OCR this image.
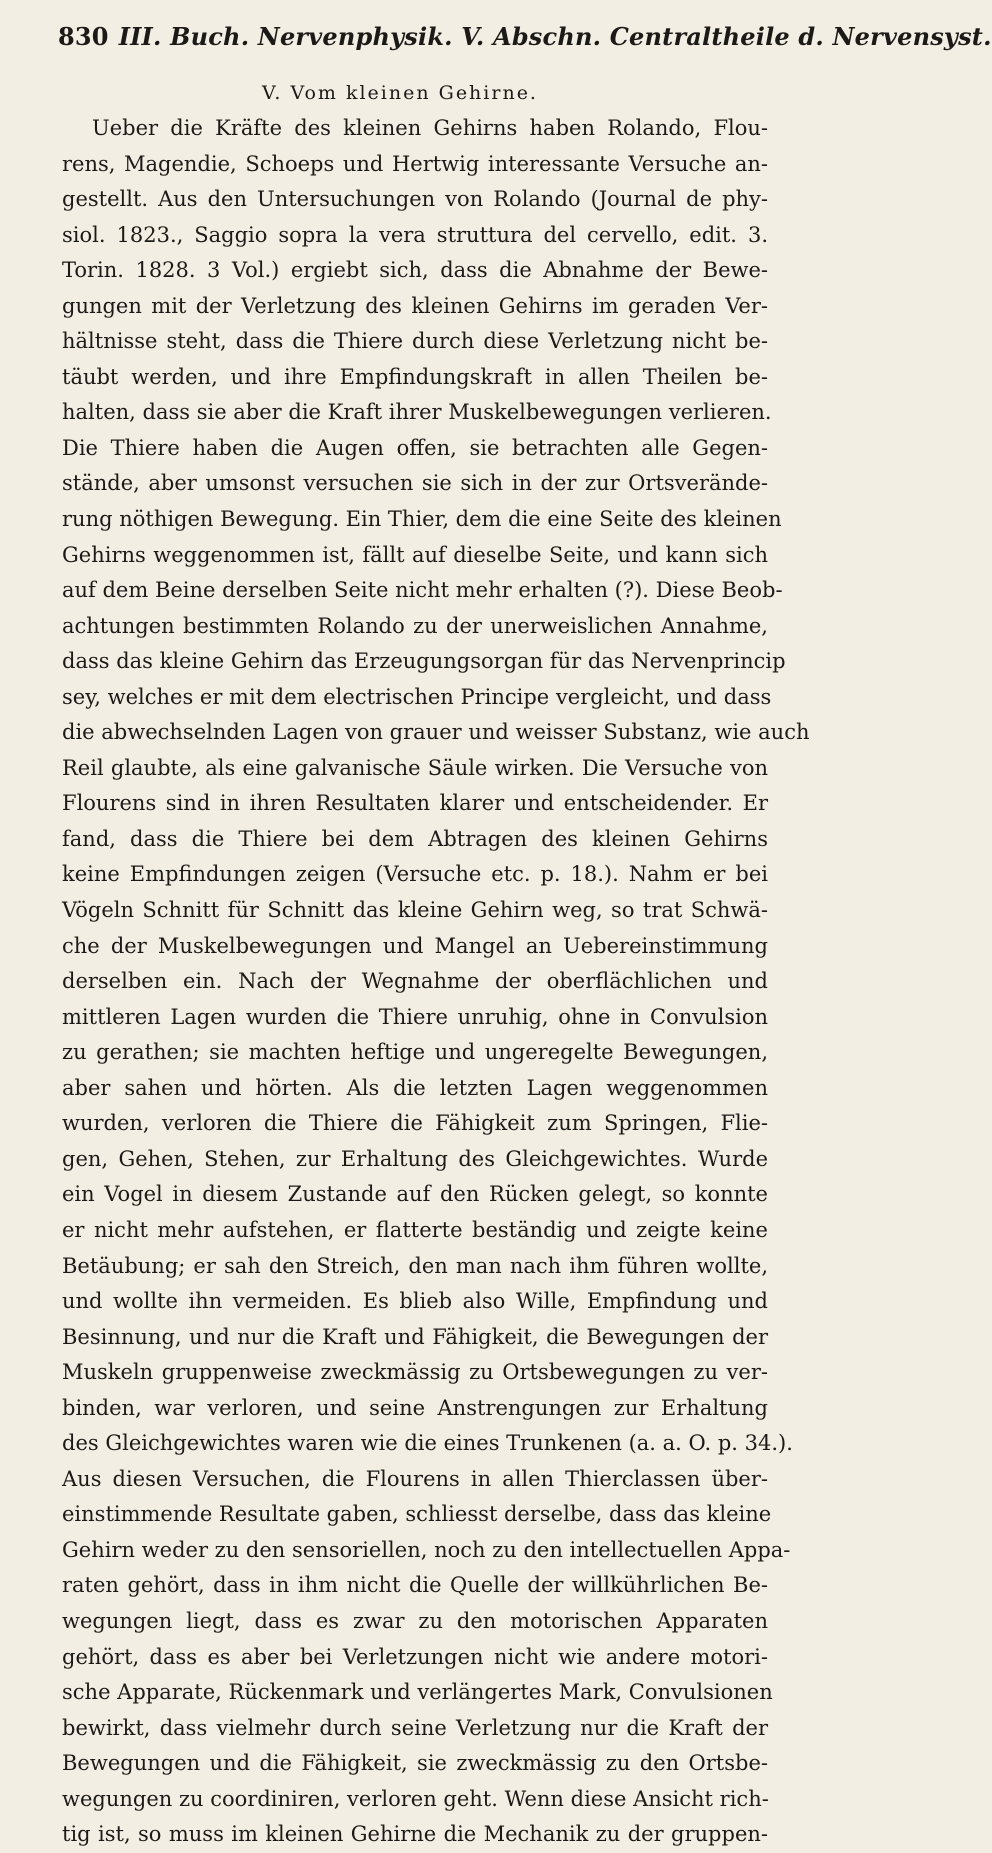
830 III. Buch. Nervenphysik. V. Abschn. Centraltheile d. Nervensyst.
V. Vom kleinen Gehirne.
Ueber die Kräfte des kleinen Gehirns haben Rolando, Flou-
rens, Magendie, Schoeps und Hertwig interessante Versuche an-
gestellt. Aus den Untersuchungen von Rolando (Journal de phy-
siol. 1823., Saggio sopra la vera struttura del cervello, edit. 3.
Torin. 1828. 3 Vol.) ergiebt sich, dass die Abnahme der Bewe-
gungen mit der Verletzung des kleinen Gehirns im geraden Ver-
hältnisse steht, dass die Thiere durch diese Verletzung nicht be-
täubt werden, und ihre Empfindungskraft in allen Theilen be-
halten, dass sie aber die Kraft ihrer Muskelbewegungen verlieren.
Die Thiere haben die Augen offen, sie betrachten alle Gegen-
stände, aber umsonst versuchen sie sich in der zur Ortsverände-
rung nöthigen Bewegung. Ein Thier, dem die eine Seite des kleinen
Gehirns weggenommen ist, fällt auf dieselbe Seite, und kann sich
auf dem Beine derselben Seite nicht mehr erhalten (?). Diese Beob-
achtungen bestimmten Rolando zu der unerweislichen Annahme,
dass das kleine Gehirn das Erzeugungsorgan für das Nervenprincip
sey, welches er mit dem electrischen Principe vergleicht, und dass
die abwechselnden Lagen von grauer und weisser Substanz, wie auch
Reil glaubte, als eine galvanische Säule wirken. Die Versuche von
Flourens sind in ihren Resultaten klarer und entscheidender. Er
fand, dass die Thiere bei dem Abtragen des kleinen Gehirns
keine Empfindungen zeigen (Versuche etc. p. 18.). Nahm er bei
Vögeln Schnitt für Schnitt das kleine Gehirn weg, so trat Schwä-
che der Muskelbewegungen und Mangel an Uebereinstimmung
derselben ein. Nach der Wegnahme der oberflächlichen und
mittleren Lagen wurden die Thiere unruhig, ohne in Convulsion
zu gerathen; sie machten heftige und ungeregelte Bewegungen,
aber sahen und hörten. Als die letzten Lagen weggenommen
wurden, verloren die Thiere die Fähigkeit zum Springen, Flie-
gen, Gehen, Stehen, zur Erhaltung des Gleichgewichtes. Wurde
ein Vogel in diesem Zustande auf den Rücken gelegt, so konnte
er nicht mehr aufstehen, er flatterte beständig und zeigte keine
Betäubung; er sah den Streich, den man nach ihm führen wollte,
und wollte ihn vermeiden. Es blieb also Wille, Empfindung und
Besinnung, und nur die Kraft und Fähigkeit, die Bewegungen der
Muskeln gruppenweise zweckmässig zu Ortsbewegungen zu ver-
binden, war verloren, und seine Anstrengungen zur Erhaltung
des Gleichgewichtes waren wie die eines Trunkenen (a. a. O. p. 34.).
Aus diesen Versuchen, die Flourens in allen Thierclassen über-
einstimmende Resultate gaben, schliesst derselbe, dass das kleine
Gehirn weder zu den sensoriellen, noch zu den intellectuellen Appa-
raten gehört, dass in ihm nicht die Quelle der willkührlichen Be-
wegungen liegt, dass es zwar zu den motorischen Apparaten
gehört, dass es aber bei Verletzungen nicht wie andere motori-
sche Apparate, Rückenmark und verlängertes Mark, Convulsionen
bewirkt, dass vielmehr durch seine Verletzung nur die Kraft der
Bewegungen und die Fähigkeit, sie zweckmässig zu den Ortsbe-
wegungen zu coordiniren, verloren geht. Wenn diese Ansicht rich-
tig ist, so muss im kleinen Gehirne die Mechanik zu der gruppen-
